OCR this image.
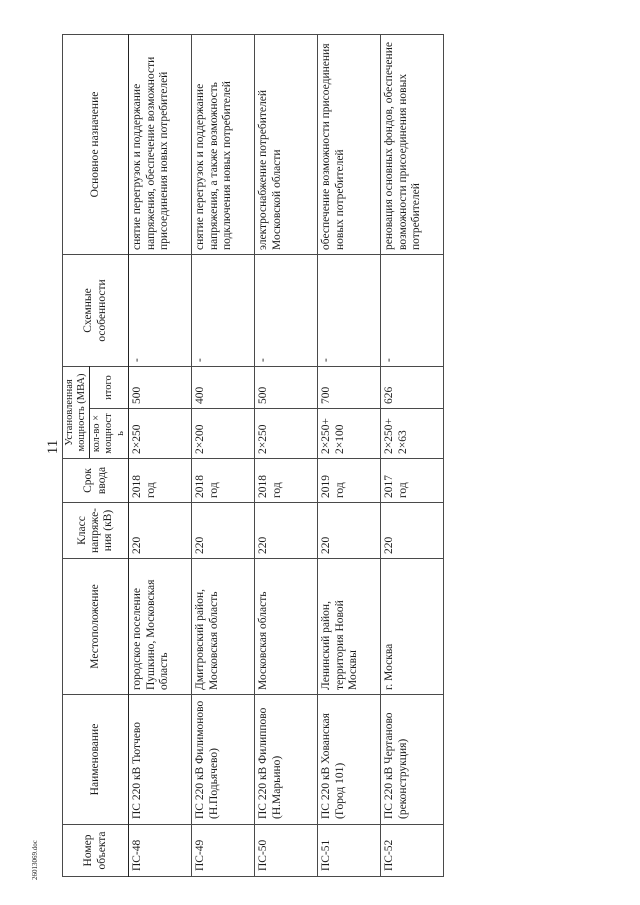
11
26013069.doc	Номер объекта	Наименование	Местоположение	Класс напряже-ния (кВ)	Срок ввода	Установленная мощность (МВА)		Схемные особенности	Основное назначение
					кол-во × мощность	итого		
ПС-48	ПС 220 кВ Тютчево	городское поселение Пушкино, Московская область	220	2018 год	2×250	500	-	снятие перегрузок и поддержание напряжения, обеспечение возможности присоединения новых потребителей
ПС-49	ПС 220 кВ Филимоново (Н.Подьячево)	Дмитровский район, Московская область	220	2018 год	2×200	400	-	снятие перегрузок и поддержание напряжения, а также возможность подключения новых потребителей
ПС-50	ПС 220 кВ Филиппово (Н.Марьино)	Московская область	220	2018 год	2×250	500	-	электроснабжение потребителей Московской области
ПС-51	ПС 220 кВ Хованская (Город 101)	Ленинский район, территория Новой Москвы	220	2019 год	2×250+ 2×100	700	-	обеспечение возможности присоединения новых потребителей
ПС-52	ПС 220 кВ Чертаново (реконструкция)	г. Москва	220	2017 год	2×250+ 2×63	626	-	реновация основных фондов, обеспечение возможности присоединения новых потребителей
